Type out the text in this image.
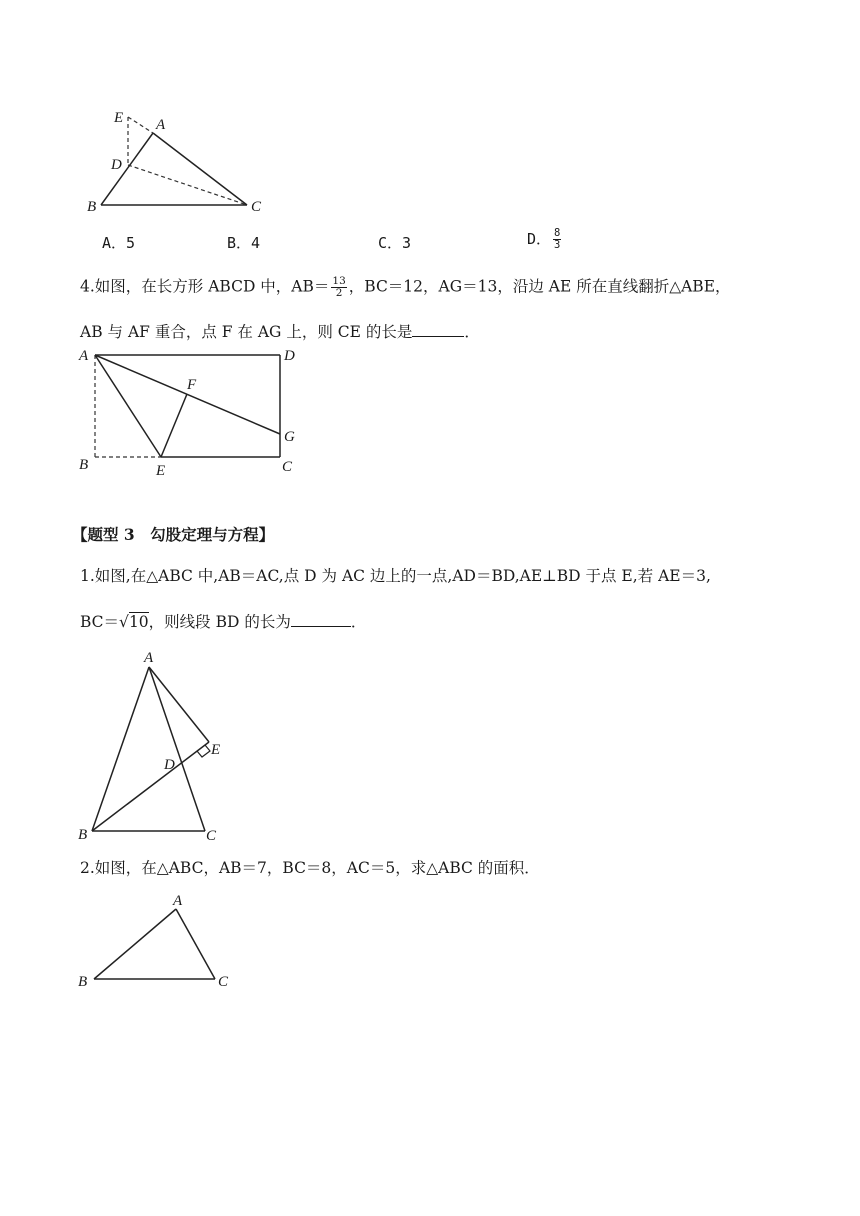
E A
D
B	C
A．5	B．4	C．3	D． $\frac{8}{3}$
4.如图，在长方形 ABCD 中，$AB= \frac{13}{2}$ ，BC＝12，AG＝13，沿边 AE 所在直线翻折△ABE，
AB 与 AF 重合，点 F 在 AG 上，则 CE 的长是	．
A	D
F
G
B	E	C
【题型 3　勾股定理与方程】
1.如图,在△ABC 中,AB＝AC,点 D 为 AC 边上的一点,AD＝BD,AE⊥BD 于点 E,若 AE＝3,
BC＝√10，则线段 BD 的长为	．
A
E
D
B	C
2.如图，在△ABC，AB＝7，BC＝8，AC＝5，求△ABC 的面积．
A
B	C
